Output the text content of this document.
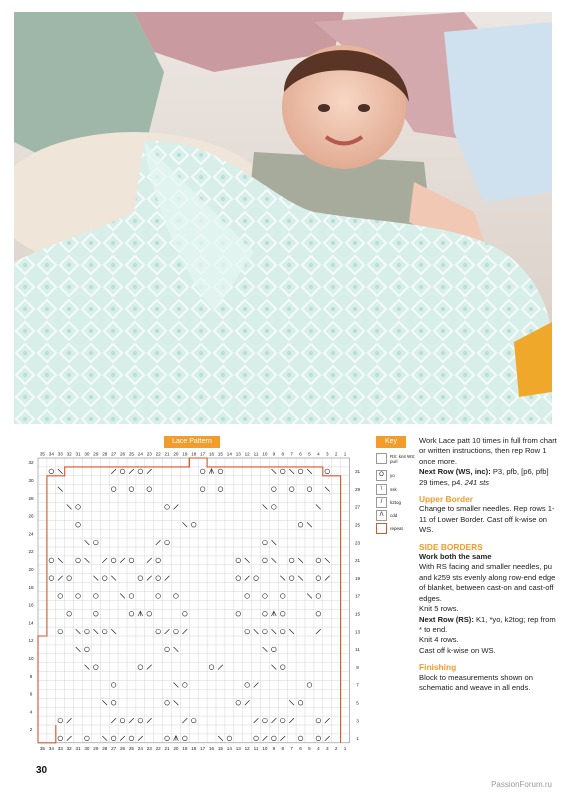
Lace Pattern
35
35
34
34
33
33
32
32
31
31
30
30
29
29
28
28
27
27
26
26
25
25
24
24
23
23
22
22
21
21
20
20
19
19
18
18
17
17
16
16
15
15
14
14
13
13
12
12
11
11
10
10
9
9
8
8
7
7
6
6
5
5
4
4
3
3
2
2
1
1
31
29
27
25
23
21
19
17
15
13
11
9
7
5
3
1
32
30
28
26
24
22
20
18
16
14
12
10
8
6
4
2
Key
RS: knit WS: purl
O	yo
\	ssk
/	k2tog
Λ	cdd
repeat

Work Lace patt 10 times in full from chart or written instructions, then rep Row 1 once more.

Next Row (WS, inc): P3, pfb, [p6, pfb] 29 times, p4. 241 sts

Upper Border

Change to smaller needles. Rep rows 1-11 of Lower Border. Cast off k-wise on WS.

SIDE BORDERS

Work both the same

With RS facing and smaller needles, pu and k259 sts evenly along row-end edge of blanket, between cast-on and cast-off edges.

Knit 5 rows.

Next Row (RS): K1, *yo, k2tog; rep from * to end.

Knit 4 rows.

Cast off k-wise on WS.

Finishing

Block to measurements shown on schematic and weave in all ends.

30
PassionForum.ru
